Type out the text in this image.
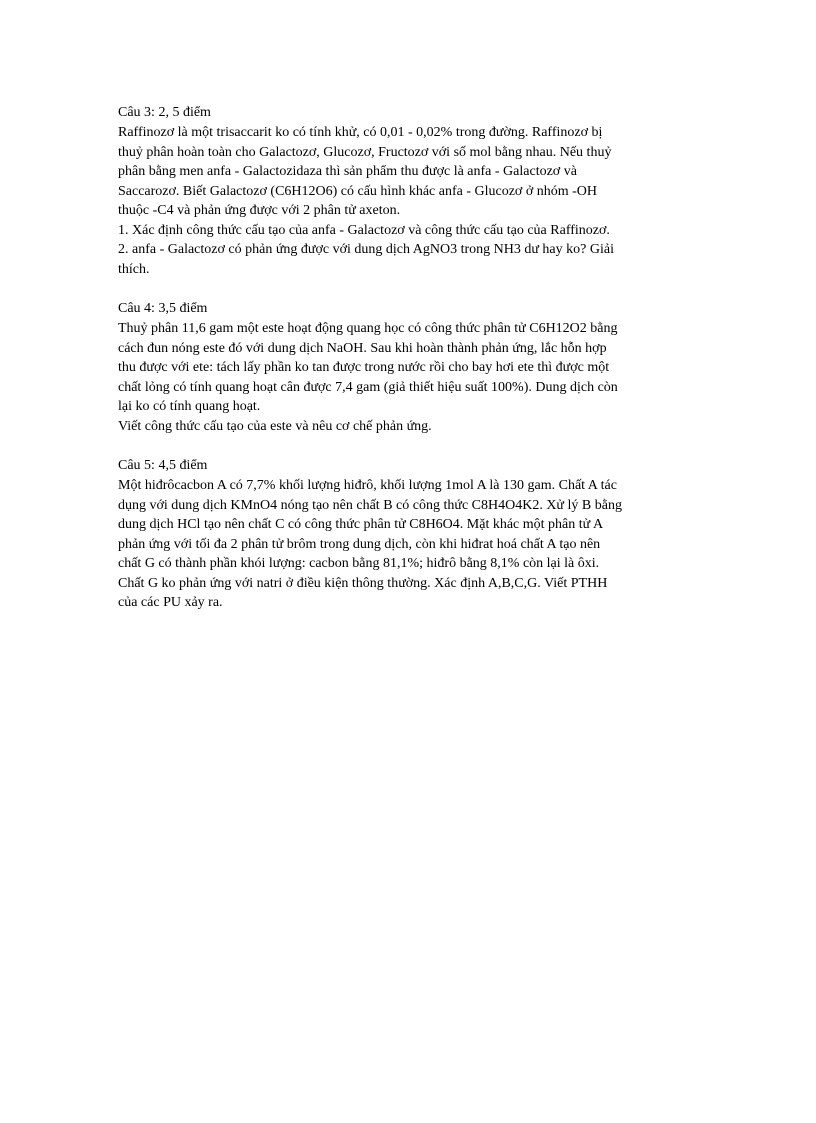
Câu 3: 2, 5 điểm
Raffinozơ là một trisaccarit ko có tính khử, có 0,01 - 0,02% trong đường. Raffinozơ bị
thuỷ phân hoàn toàn cho Galactozơ, Glucozơ, Fructozơ với số mol bằng nhau. Nếu thuỷ
phân bằng men anfa - Galactozidaza thì sản phẩm thu được là anfa - Galactozơ và
Saccarozơ. Biết Galactozơ (C6H12O6) có cấu hình khác anfa - Glucozơ ở nhóm -OH
thuộc -C4 và phản ứng được với 2 phân tử axeton.
1. Xác định công thức cấu tạo của anfa - Galactozơ và công thức cấu tạo của Raffinozơ.
2. anfa - Galactozơ có phản ứng được với dung dịch AgNO3 trong NH3 dư hay ko? Giải
thích.
Câu 4: 3,5 điểm
Thuỷ phân 11,6 gam một este hoạt động quang học có công thức phân tử C6H12O2 bằng
cách đun nóng este đó với dung dịch NaOH. Sau khi hoàn thành phản ứng, lắc hỗn hợp
thu được với ete: tách lấy phần ko tan được trong nước rồi cho bay hơi ete thì được một
chất lỏng có tính quang hoạt cân được 7,4 gam (giả thiết hiệu suất 100%). Dung dịch còn
lại ko có tính quang hoạt.
Viết công thức cấu tạo của este và nêu cơ chế phản ứng.
Câu 5: 4,5 điểm
Một hiđrôcacbon A có 7,7% khối lượng hiđrô, khối lượng 1mol A là 130 gam. Chất A tác
dụng với dung dịch KMnO4 nóng tạo nên chất B có công thức C8H4O4K2. Xử lý B bằng
dung dịch HCl tạo nên chất C có công thức phân tử C8H6O4. Mặt khác một phân tử A
phản ứng với tối đa 2 phân tử brôm trong dung dịch, còn khi hiđrat hoá chất A tạo nên
chất G có thành phần khói lượng: cacbon bằng 81,1%; hiđrô bằng 8,1% còn lại là ôxi.
Chất G ko phản ứng với natri ở điều kiện thông thường. Xác định A,B,C,G. Viết PTHH
của các PU xảy ra.
